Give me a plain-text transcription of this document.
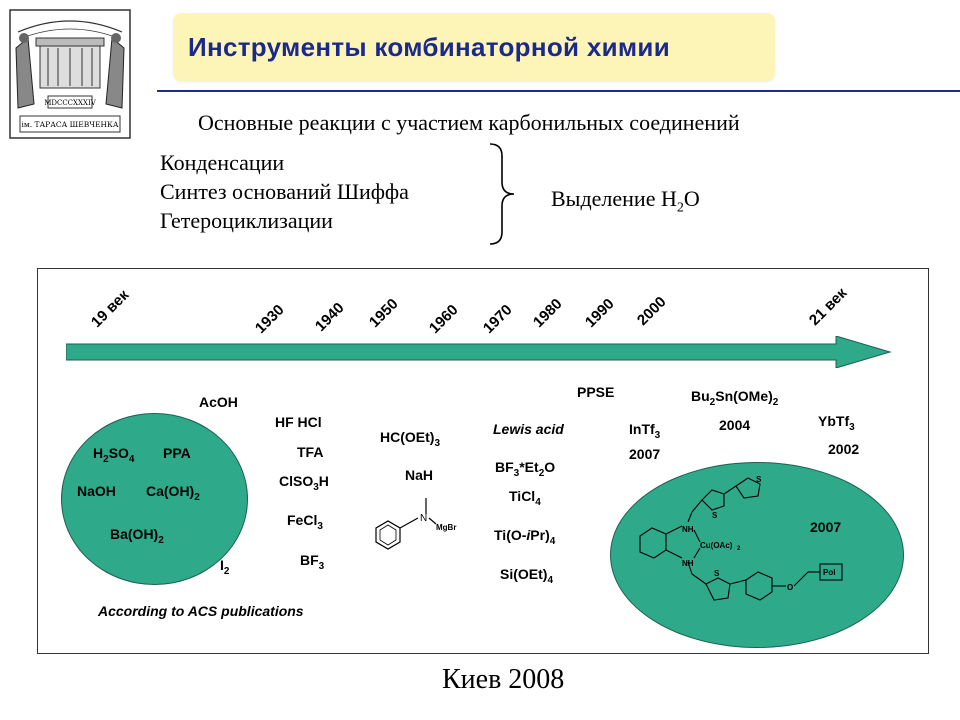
MDCCCXXXIV
ім. ТАРАСА ШЕВЧЕНКА
Инструменты комбинаторной химии
Основные реакции с участием карбонильных соединений
Конденсации
Синтез оснований Шиффа
Гетероциклизации
Выделение $Н_2О$
19 век	1930 1940 1950 1960 1970 1980 1990 2000	21 век
AcOH
$H_2SO_4$ PPA
NaOH $Ca(OH)_2$
$Ba(OH)_2$
$I_2$
HF HCl
TFA
ClSO$_3$H
FeCl$_3$
$BF_3$
$HC(OEt)_3$
NaH
N
MgBr
Lewis acid
$BF_3*Et_2O$
TiCl$_4$
$Ti(O-iPr)_4$
$Si(OEt)_4$
PPSE
InTf$_3$
2007
$Bu_2Sn(OMe)_2$
2004	YbTf$_3$
2002
NH
NH
Cu(OAc) 2
S
S
S
O
Pol
2007
According to ACS publications
Киев 2008
